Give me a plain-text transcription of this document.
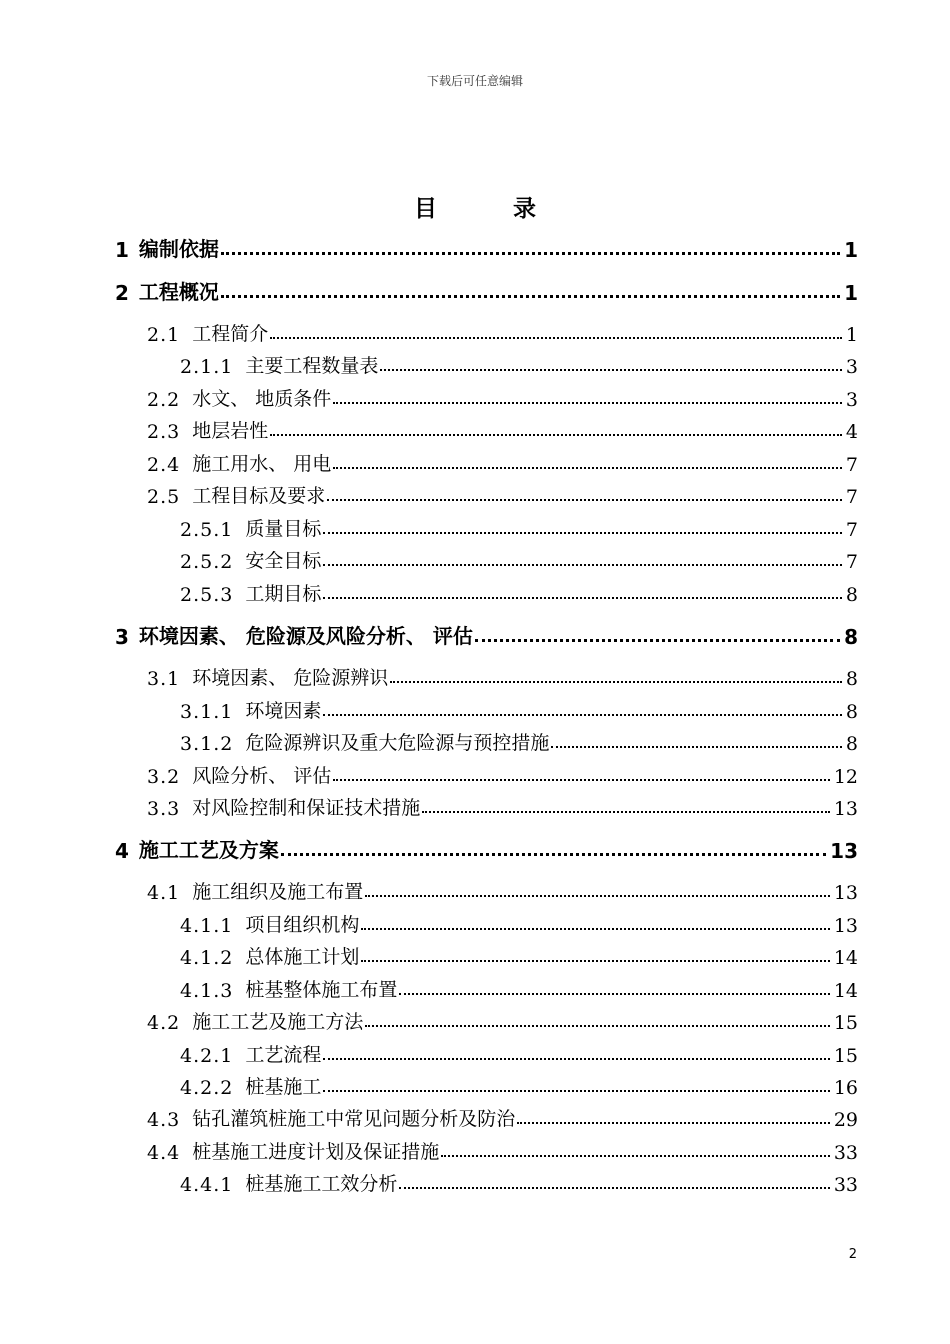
下载后可任意编辑
目 录
1 编制依据	1
2 工程概况	1
2.1 工程简介	1
2.1.1 主要工程数量表	3
2.2 水文、 地质条件	3
2.3 地层岩性	4
2.4 施工用水、 用电	7
2.5 工程目标及要求	7
2.5.1 质量目标	7
2.5.2 安全目标	7
2.5.3 工期目标	8
3 环境因素、 危险源及风险分析、 评估	8
3.1 环境因素、 危险源辨识	8
3.1.1 环境因素	8
3.1.2 危险源辨识及重大危险源与预控措施	8
3.2 风险分析、 评估	12
3.3 对风险控制和保证技术措施	13
4 施工工艺及方案	13
4.1 施工组织及施工布置	13
4.1.1 项目组织机构	13
4.1.2 总体施工计划	14
4.1.3 桩基整体施工布置	14
4.2 施工工艺及施工方法	15
4.2.1 工艺流程	15
4.2.2 桩基施工	16
4.3 钻孔灌筑桩施工中常见问题分析及防治	29
4.4 桩基施工进度计划及保证措施	33
4.4.1 桩基施工工效分析	33
2
